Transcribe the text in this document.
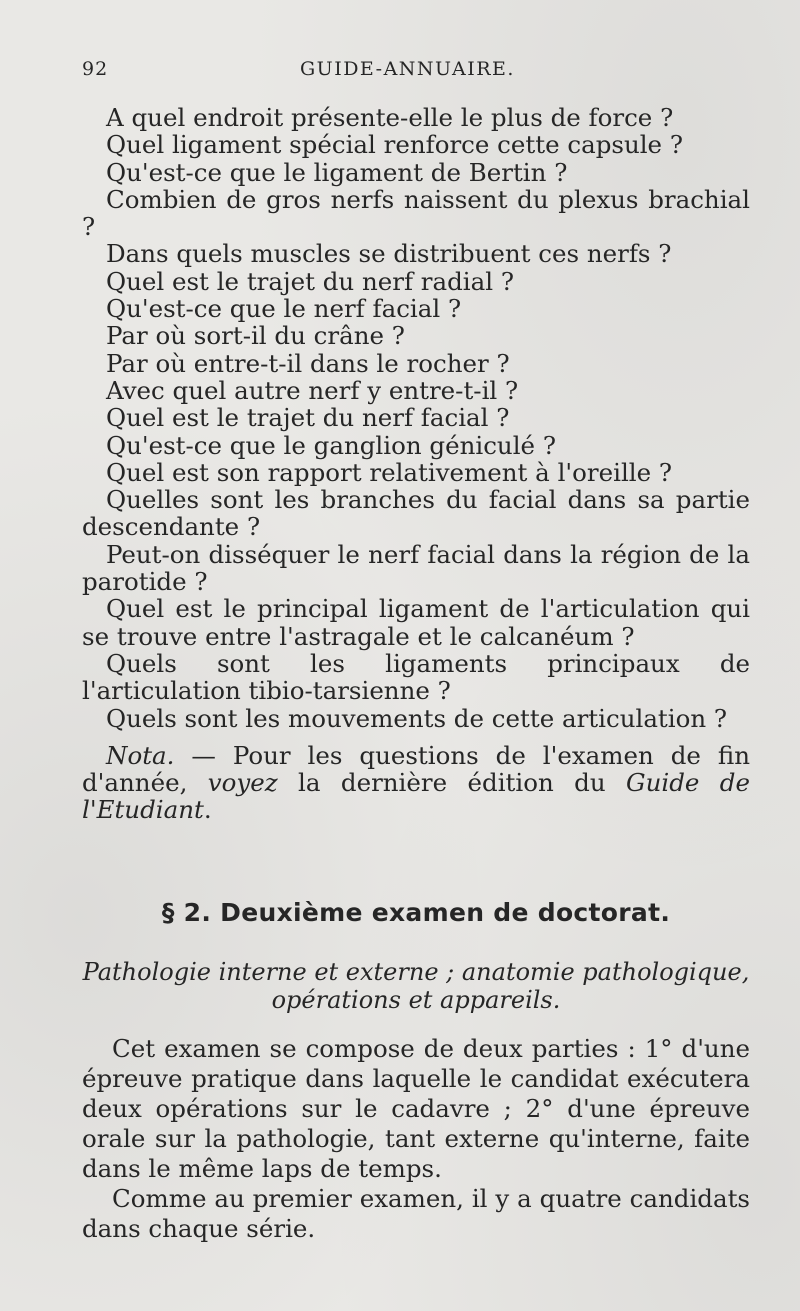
92	GUIDE-ANNUAIRE.

A quel endroit présente-elle le plus de force ?

Quel ligament spécial renforce cette capsule ?

Qu'est-ce que le ligament de Bertin ?

Combien de gros nerfs naissent du plexus brachial ?

Dans quels muscles se distribuent ces nerfs ?

Quel est le trajet du nerf radial ?

Qu'est-ce que le nerf facial ?

Par où sort-il du crâne ?

Par où entre-t-il dans le rocher ?

Avec quel autre nerf y entre-t-il ?

Quel est le trajet du nerf facial ?

Qu'est-ce que le ganglion géniculé ?

Quel est son rapport relativement à l'oreille ?

Quelles sont les branches du facial dans sa partie descendante ?

Peut-on disséquer le nerf facial dans la région de la parotide ?

Quel est le principal ligament de l'articulation qui se trouve entre l'astragale et le calcanéum ?

Quels sont les ligaments principaux de l'articulation tibio-tarsienne ?

Quels sont les mouvements de cette articulation ?

Nota. — Pour les questions de l'examen de fin d'année, voyez la dernière édition du Guide de l'Etudiant.

§ 2. Deuxième examen de doctorat.
Pathologie interne et externe ; anatomie pathologique, opérations et appareils.

Cet examen se compose de deux parties : 1° d'une épreuve pratique dans laquelle le candidat exécutera deux opérations sur le cadavre ; 2° d'une épreuve orale sur la pathologie, tant externe qu'interne, faite dans le même laps de temps.

Comme au premier examen, il y a quatre candidats dans chaque série.
